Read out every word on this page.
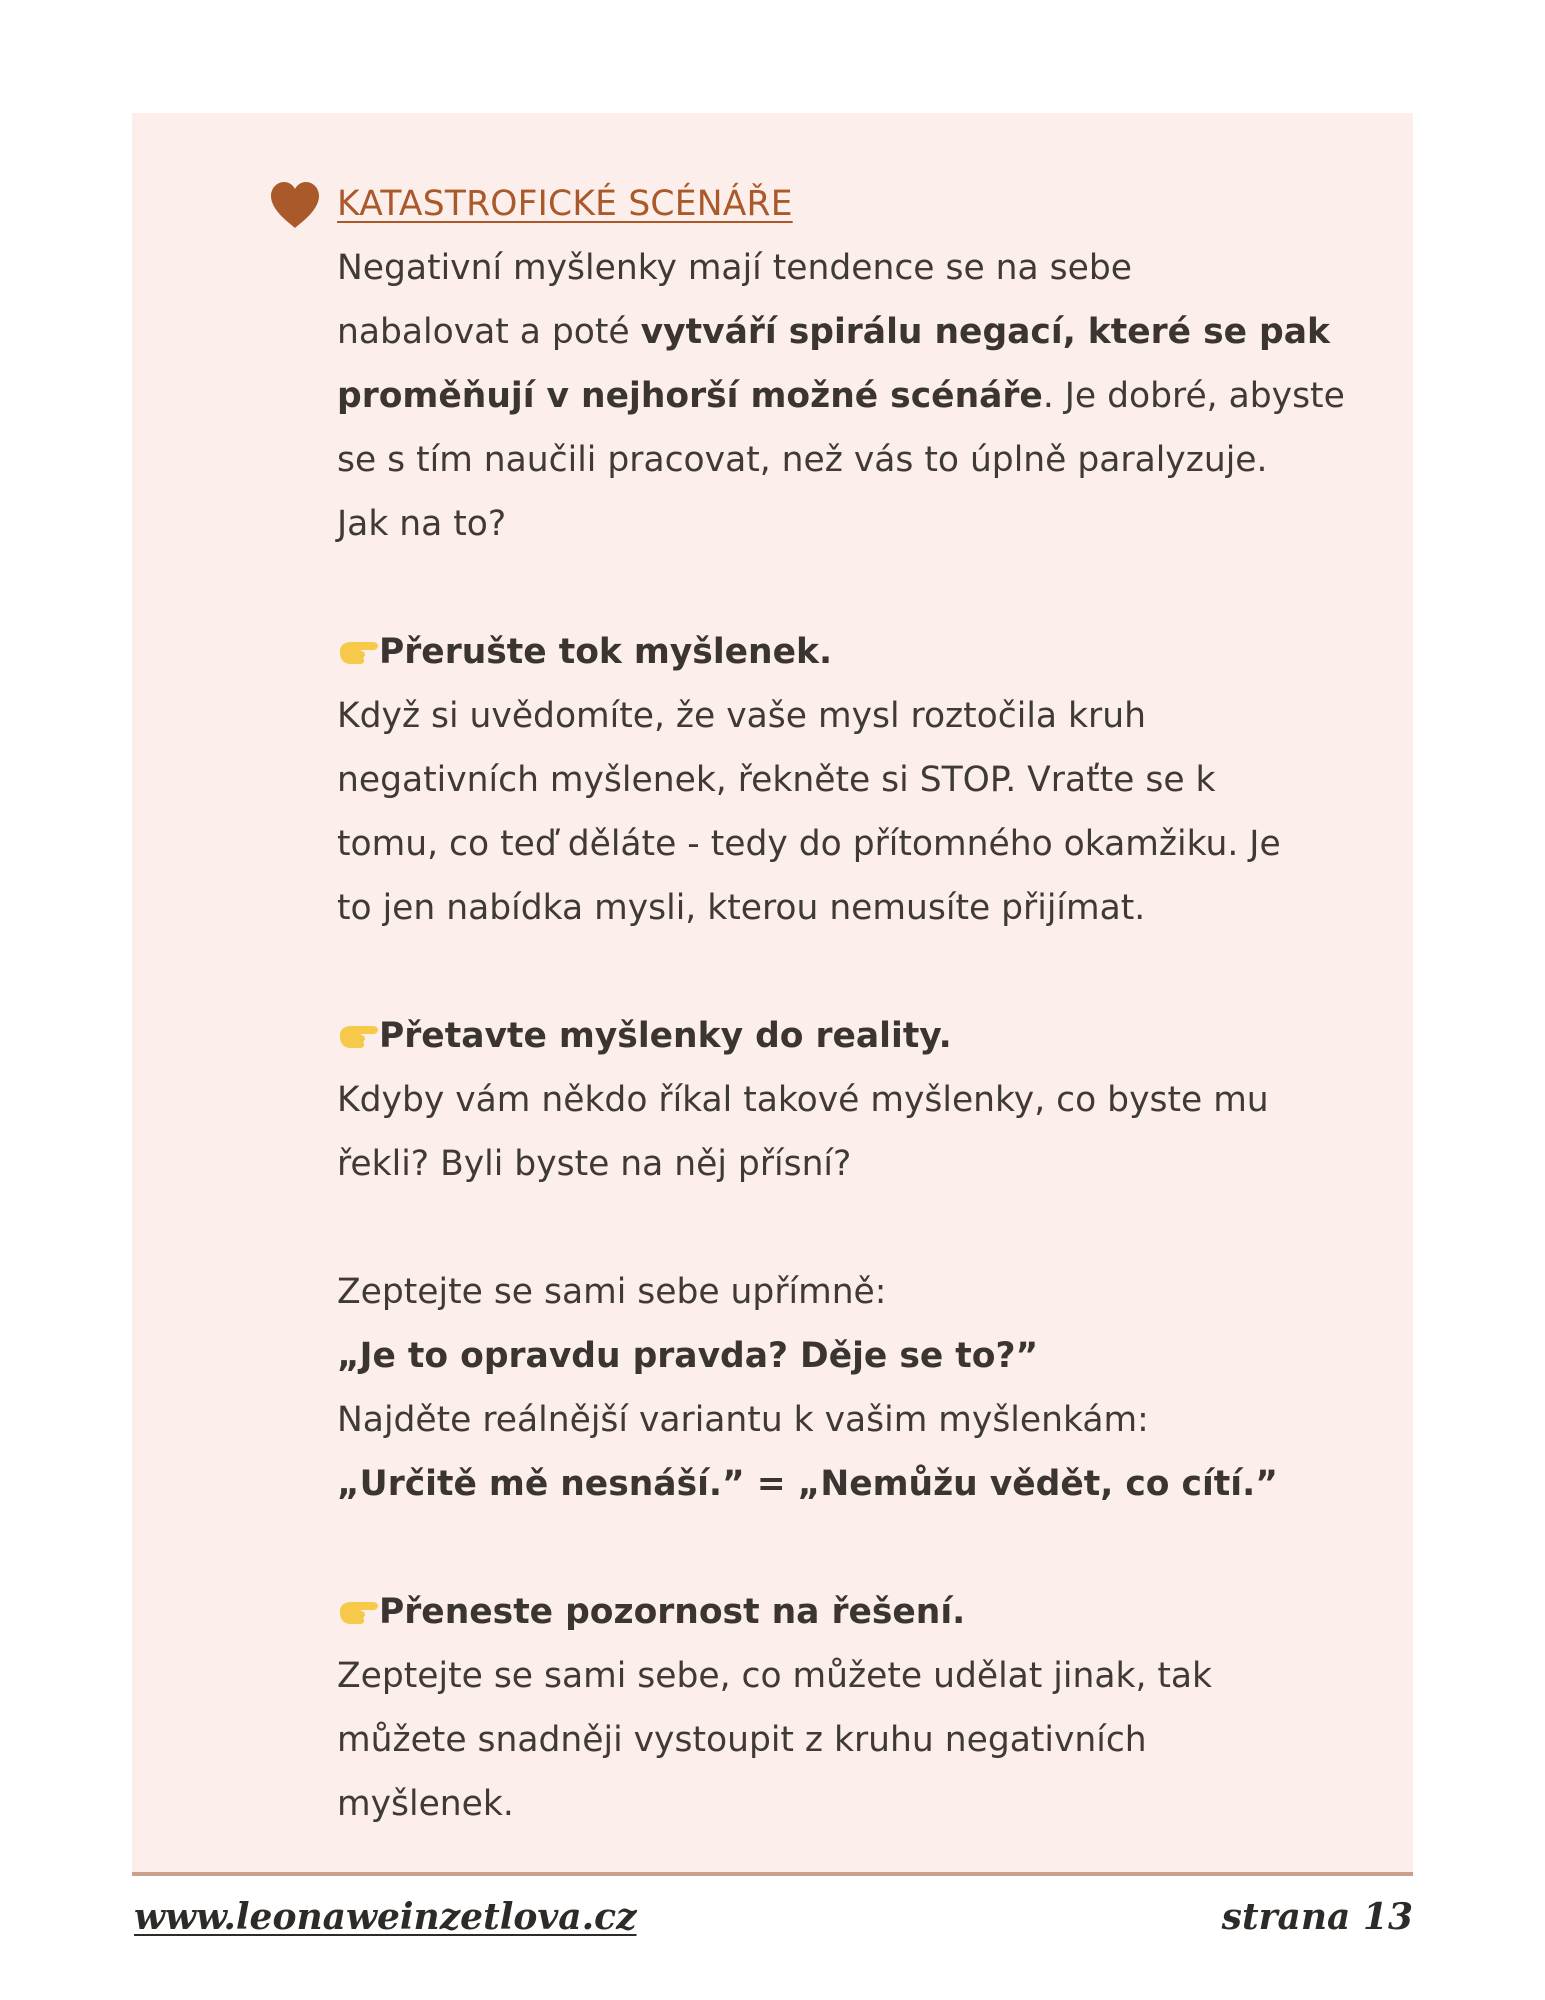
KATASTROFICKÉ SCÉNÁŘE

Negativní myšlenky mají tendence se na sebe
nabalovat a poté vytváří spirálu negací, které se pak
proměňují v nejhorší možné scénáře. Je dobré, abyste
se s tím naučili pracovat, než vás to úplně paralyzuje.
Jak na to?

Přerušte tok myšlenek.
Když si uvědomíte, že vaše mysl roztočila kruh
negativních myšlenek, řekněte si STOP. Vraťte se k
tomu, co teď děláte - tedy do přítomného okamžiku. Je
to jen nabídka mysli, kterou nemusíte přijímat.
Přetavte myšlenky do reality.
Kdyby vám někdo říkal takové myšlenky, co byste mu
řekli? Byli byste na něj přísní?
Zeptejte se sami sebe upřímně:
„Je to opravdu pravda? Děje se to?”
Najděte reálnější variantu k vašim myšlenkám:
„Určitě mě nesnáší.” = „Nemůžu vědět, co cítí.”
Přeneste pozornost na řešení.
Zeptejte se sami sebe, co můžete udělat jinak, tak
můžete snadněji vystoupit z kruhu negativních
myšlenek.
www.leonaweinzetlova.cz	strana 13
